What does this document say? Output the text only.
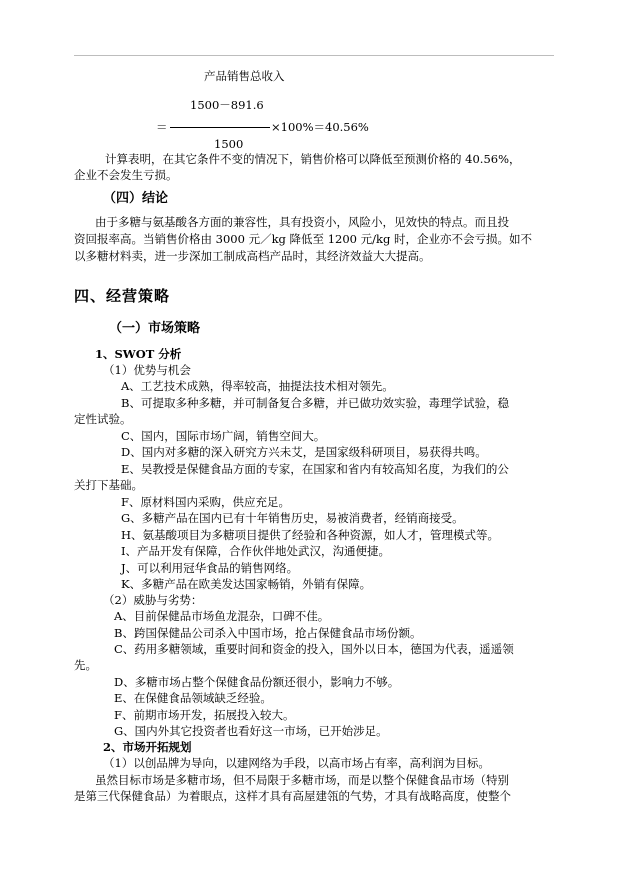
产品销售总收入
1500－891.6
＝	×100%＝40.56%
1500
计算表明，在其它条件不变的情况下，销售价格可以降低至预测价格的 40.56%，
企业不会发生亏损。
（四）结论
由于多糖与氨基酸各方面的兼容性，具有投资小，风险小，见效快的特点。而且投
资回报率高。当销售价格由 3000 元／kg 降低至 1200 元/kg 时，企业亦不会亏损。如不
以多糖材料卖，进一步深加工制成高档产品时，其经济效益大大提高。
四、经营策略
（一）市场策略
1、SWOT 分析
（1）优势与机会
A、工艺技术成熟，得率较高，抽提法技术相对领先。
B、可提取多种多糖，并可制备复合多糖，并已做功效实验，毒理学试验，稳
定性试验。
C、国内，国际市场广阔，销售空间大。
D、国内对多糖的深入研究方兴未艾，是国家级科研项目，易获得共鸣。
E、吴教授是保健食品方面的专家，在国家和省内有较高知名度，为我们的公
关打下基础。
F、原材料国内采购，供应充足。
G、多糖产品在国内已有十年销售历史，易被消费者，经销商接受。
H、氨基酸项目为多糖项目提供了经验和各种资源，如人才，管理模式等。
I、产品开发有保障，合作伙伴地处武汉，沟通便捷。
J、可以利用冠华食品的销售网络。
K、多糖产品在欧美发达国家畅销，外销有保障。
（2）威胁与劣势：
A、目前保健品市场鱼龙混杂，口碑不佳。
B、跨国保健品公司杀入中国市场，抢占保健食品市场份额。
C、药用多糖领域，重要时间和资金的投入，国外以日本，德国为代表，遥遥领
先。
D、多糖市场占整个保健食品份额还很小，影响力不够。
E、在保健食品领域缺乏经验。
F、前期市场开发，拓展投入较大。
G、国内外其它投资者也看好这一市场，已开始涉足。
2、市场开拓规划
（1）以创品牌为导向，以建网络为手段，以高市场占有率，高利润为目标。
虽然目标市场是多糖市场，但不局限于多糖市场，而是以整个保健食品市场（特别
是第三代保健食品）为着眼点，这样才具有高屋建瓴的气势，才具有战略高度，使整个
